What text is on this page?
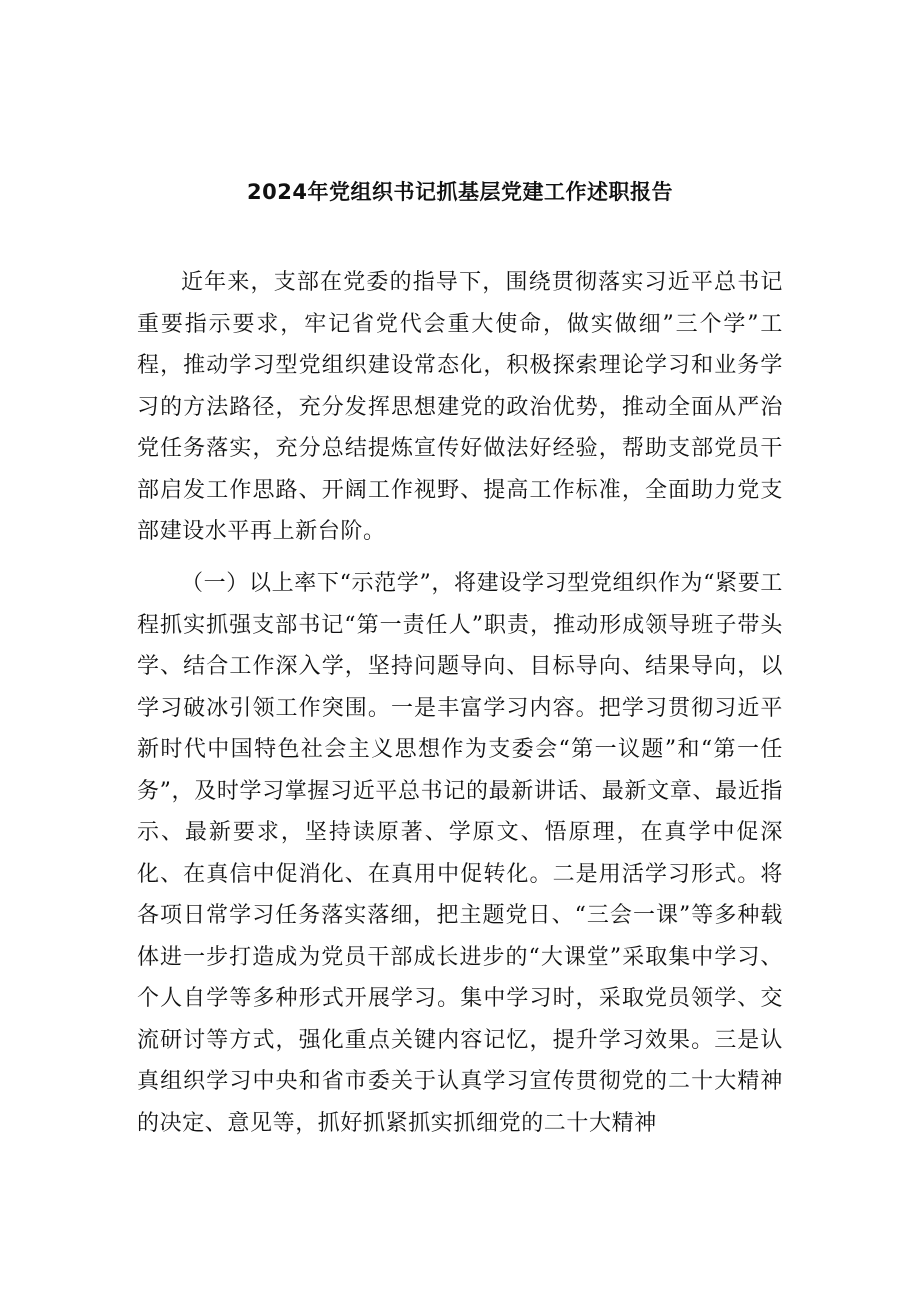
2024年党组织书记抓基层党建工作述职报告

近年来，支部在党委的指导下，围绕贯彻落实习近平总书记重要指示要求，牢记省党代会重大使命，做实做细”三个学”工程，推动学习型党组织建设常态化，积极探索理论学习和业务学习的方法路径，充分发挥思想建党的政治优势，推动全面从严治党任务落实，充分总结提炼宣传好做法好经验，帮助支部党员干部启发工作思路、开阔工作视野、提高工作标准，全面助力党支部建设水平再上新台阶。

（一）以上率下“示范学”，将建设学习型党组织作为“紧要工程抓实抓强支部书记“第一责任人”职责，推动形成领导班子带头学、结合工作深入学，坚持问题导向、目标导向、结果导向，以学习破冰引领工作突围。一是丰富学习内容。把学习贯彻习近平新时代中国特色社会主义思想作为支委会“第一议题”和“第一任务”，及时学习掌握习近平总书记的最新讲话、最新文章、最近指示、最新要求，坚持读原著、学原文、悟原理，在真学中促深化、在真信中促消化、在真用中促转化。二是用活学习形式。将各项日常学习任务落实落细，把主题党日、“三会一课”等多种载体进一步打造成为党员干部成长进步的“大课堂”采取集中学习、个人自学等多种形式开展学习。集中学习时，采取党员领学、交流研讨等方式，强化重点关键内容记忆，提升学习效果。三是认真组织学习中央和省市委关于认真学习宣传贯彻党的二十大精神的决定、意见等，抓好抓紧抓实抓细党的二十大精神
